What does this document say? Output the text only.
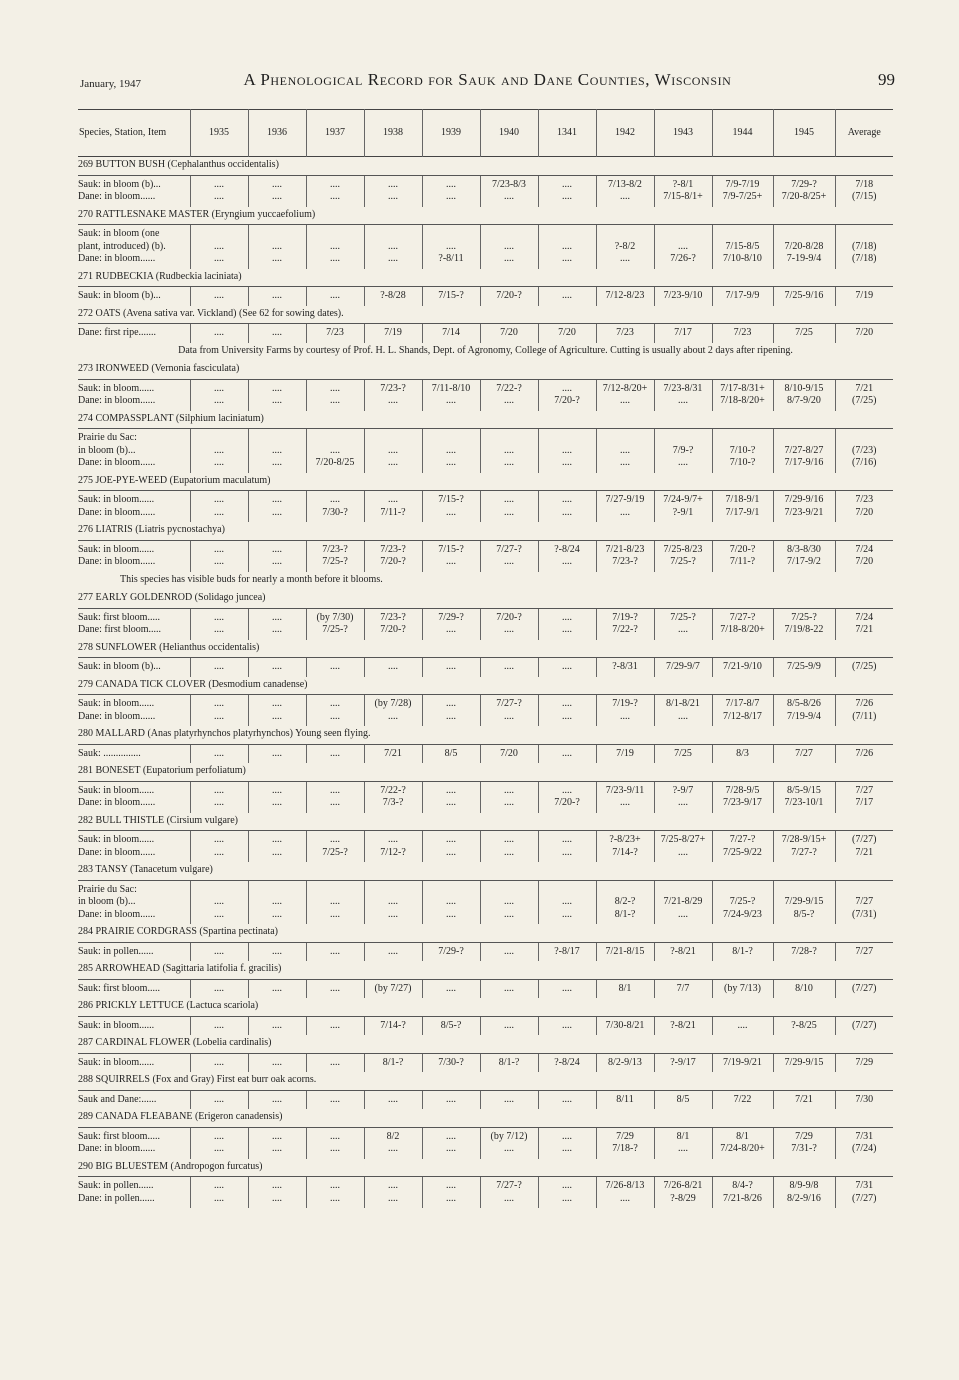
January, 1947	A Phenological Record for Sauk and Dane Counties, Wisconsin	99
Species, Station, Item	1935	1936	1937	1938	1939	1940	1341	1942	1943	1944	1945	Average
269 BUTTON BUSH (Cephalanthus occidentalis)												
Sauk: in bloom (b)...	....	....	....	....	....	7/23-8/3	....	7/13-8/2	?-8/1	7/9-7/19	7/29-?	7/18
Dane: in bloom......	....	....	....	....	....	....	....	....	7/15-8/1+	7/9-7/25+	7/20-8/25+	(7/15)
270 RATTLESNAKE MASTER (Eryngium yuccaefolium)												
Sauk: in bloom (one												
plant, introduced) (b).	....	....	....	....	....	....	....	?-8/2	....	7/15-8/5	7/20-8/28	(7/18)
Dane: in bloom......	....	....	....	....	?-8/11	....	....	....	7/26-?	7/10-8/10	7-19-9/4	(7/18)
271 RUDBECKIA (Rudbeckia laciniata)												
Sauk: in bloom (b)...	....	....	....	?-8/28	7/15-?	7/20-?	....	7/12-8/23	7/23-9/10	7/17-9/9	7/25-9/16	7/19
272 OATS (Avena sativa var. Vickland) (See 62 for sowing dates).												
Dane: first ripe.......	....	....	7/23	7/19	7/14	7/20	7/20	7/23	7/17	7/23	7/25	7/20
Data from University Farms by courtesy of Prof. H. L. Shands, Dept. of Agronomy, College of Agriculture. Cutting is usually about 2 days after ripening.												
273 IRONWEED (Vernonia fasciculata)												
Sauk: in bloom......	....	....	....	7/23-?	7/11-8/10	7/22-?	....	7/12-8/20+	7/23-8/31	7/17-8/31+	8/10-9/15	7/21
Dane: in bloom......	....	....	....	....	....	....	7/20-?	....	....	7/18-8/20+	8/7-9/20	(7/25)
274 COMPASSPLANT (Silphium laciniatum)												
Prairie du Sac:												
in bloom (b)...	....	....	....	....	....	....	....	....	7/9-?	7/10-?	7/27-8/27	(7/23)
Dane: in bloom......	....	....	7/20-8/25	....	....	....	....	....	....	7/10-?	7/17-9/16	(7/16)
275 JOE-PYE-WEED (Eupatorium maculatum)												
Sauk: in bloom......	....	....	....	....	7/15-?	....	....	7/27-9/19	7/24-9/7+	7/18-9/1	7/29-9/16	7/23
Dane: in bloom......	....	....	7/30-?	7/11-?	....	....	....	....	?-9/1	7/17-9/1	7/23-9/21	7/20
276 LIATRIS (Liatris pycnostachya)												
Sauk: in bloom......	....	....	7/23-?	7/23-?	7/15-?	7/27-?	?-8/24	7/21-8/23	7/25-8/23	7/20-?	8/3-8/30	7/24
Dane: in bloom......	....	....	7/25-?	7/20-?	....	....	....	7/23-?	7/25-?	7/11-?	7/17-9/2	7/20
This species has visible buds for nearly a month before it blooms.												
277 EARLY GOLDENROD (Solidago juncea)												
Sauk: first bloom.....	....	....	(by 7/30)	7/23-?	7/29-?	7/20-?	....	7/19-?	7/25-?	7/27-?	7/25-?	7/24
Dane: first bloom.....	....	....	7/25-?	7/20-?	....	....	....	7/22-?	....	7/18-8/20+	7/19/8-22	7/21
278 SUNFLOWER (Helianthus occidentalis)												
Sauk: in bloom (b)...	....	....	....	....	....	....	....	?-8/31	7/29-9/7	7/21-9/10	7/25-9/9	(7/25)
279 CANADA TICK CLOVER (Desmodium canadense)												
Sauk: in bloom......	....	....	....	(by 7/28)	....	7/27-?	....	7/19-?	8/1-8/21	7/17-8/7	8/5-8/26	7/26
Dane: in bloom......	....	....	....	....	....	....	....	....	....	7/12-8/17	7/19-9/4	(7/11)
280 MALLARD (Anas platyrhynchos platyrhynchos) Young seen flying.												
Sauk: ...............	....	....	....	7/21	8/5	7/20	....	7/19	7/25	8/3	7/27	7/26
281 BONESET (Eupatorium perfoliatum)												
Sauk: in bloom......	....	....	....	7/22-?	....	....	....	7/23-9/11	?-9/7	7/28-9/5	8/5-9/15	7/27
Dane: in bloom......	....	....	....	7/3-?	....	....	7/20-?	....	....	7/23-9/17	7/23-10/1	7/17
282 BULL THISTLE (Cirsium vulgare)												
Sauk: in bloom......	....	....	....	....	....	....	....	?-8/23+	7/25-8/27+	7/27-?	7/28-9/15+	(7/27)
Dane: in bloom......	....	....	7/25-?	7/12-?	....	....	....	7/14-?	....	7/25-9/22	7/27-?	7/21
283 TANSY (Tanacetum vulgare)												
Prairie du Sac:												
in bloom (b)...	....	....	....	....	....	....	....	8/2-?	7/21-8/29	7/25-?	7/29-9/15	7/27
Dane: in bloom......	....	....	....	....	....	....	....	8/1-?	....	7/24-9/23	8/5-?	(7/31)
284 PRAIRIE CORDGRASS (Spartina pectinata)												
Sauk: in pollen......	....	....	....	....	7/29-?	....	?-8/17	7/21-8/15	?-8/21	8/1-?	7/28-?	7/27
285 ARROWHEAD (Sagittaria latifolia f. gracilis)												
Sauk: first bloom.....	....	....	....	(by 7/27)	....	....	....	8/1	7/7	(by 7/13)	8/10	(7/27)
286 PRICKLY LETTUCE (Lactuca scariola)												
Sauk: in bloom......	....	....	....	7/14-?	8/5-?	....	....	7/30-8/21	?-8/21	....	?-8/25	(7/27)
287 CARDINAL FLOWER (Lobelia cardinalis)												
Sauk: in bloom......	....	....	....	8/1-?	7/30-?	8/1-?	?-8/24	8/2-9/13	?-9/17	7/19-9/21	7/29-9/15	7/29
288 SQUIRRELS (Fox and Gray) First eat burr oak acorns.												
Sauk and Dane:......	....	....	....	....	....	....	....	8/11	8/5	7/22	7/21	7/30
289 CANADA FLEABANE (Erigeron canadensis)												
Sauk: first bloom.....	....	....	....	8/2	....	(by 7/12)	....	7/29	8/1	8/1	7/29	7/31
Dane: in bloom......	....	....	....	....	....	....	....	7/18-?	....	7/24-8/20+	7/31-?	(7/24)
290 BIG BLUESTEM (Andropogon furcatus)												
Sauk: in pollen......	....	....	....	....	....	7/27-?	....	7/26-8/13	7/26-8/21	8/4-?	8/9-9/8	7/31
Dane: in pollen......	....	....	....	....	....	....	....	....	?-8/29	7/21-8/26	8/2-9/16	(7/27)
